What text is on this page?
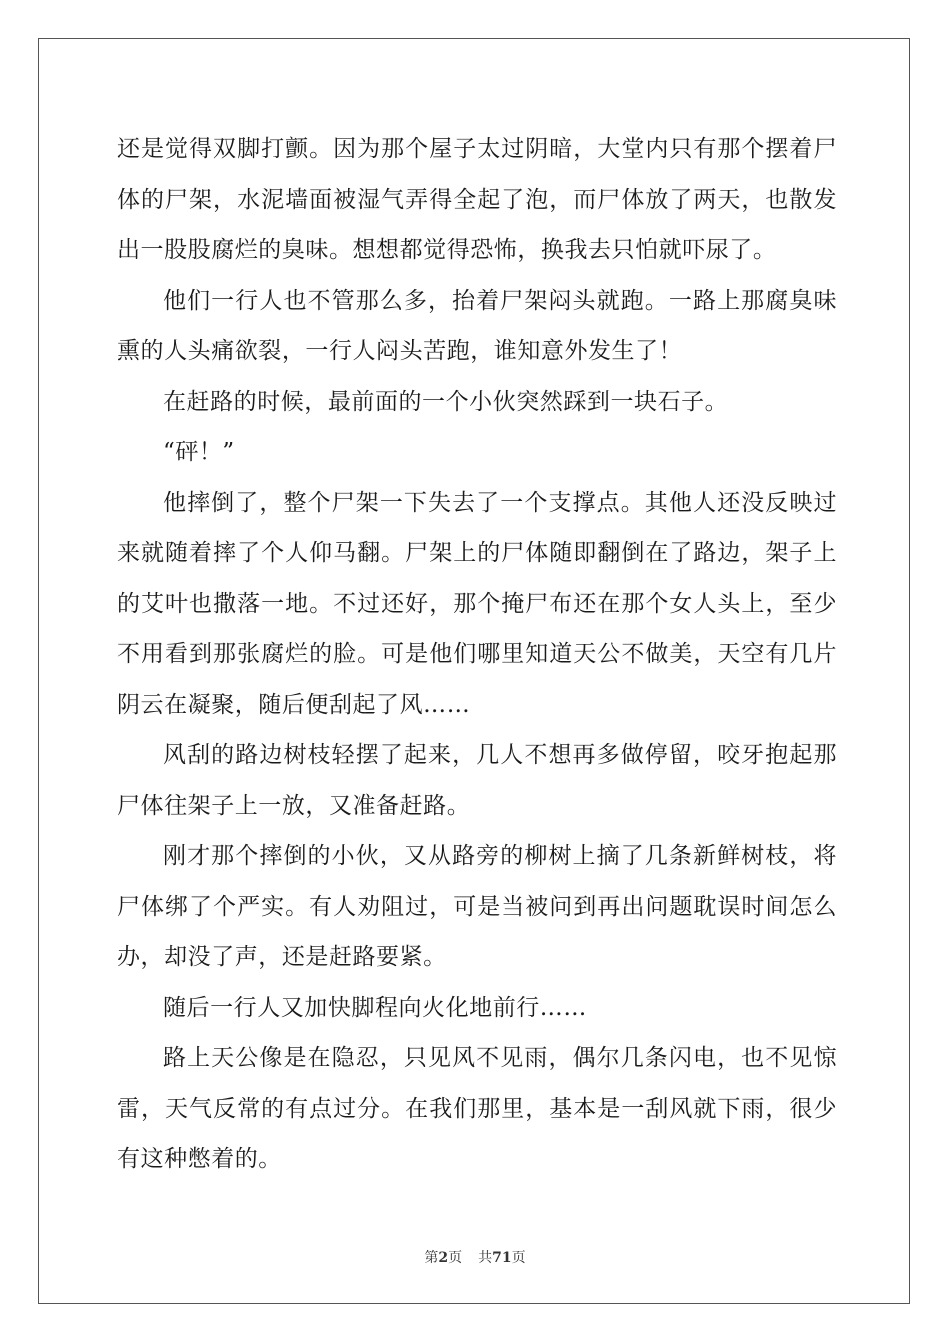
还是觉得双脚打颤。因为那个屋子太过阴暗，大堂内只有那个摆着尸体的尸架，水泥墙面被湿气弄得全起了泡，而尸体放了两天，也散发出一股股腐烂的臭味。想想都觉得恐怖，换我去只怕就吓尿了。

他们一行人也不管那么多，抬着尸架闷头就跑。一路上那腐臭味熏的人头痛欲裂，一行人闷头苦跑，谁知意外发生了！

在赶路的时候，最前面的一个小伙突然踩到一块石子。

“砰！”

他摔倒了，整个尸架一下失去了一个支撑点。其他人还没反映过来就随着摔了个人仰马翻。尸架上的尸体随即翻倒在了路边，架子上的艾叶也撒落一地。不过还好，那个掩尸布还在那个女人头上，至少不用看到那张腐烂的脸。可是他们哪里知道天公不做美，天空有几片阴云在凝聚，随后便刮起了风……

风刮的路边树枝轻摆了起来，几人不想再多做停留，咬牙抱起那尸体往架子上一放，又准备赶路。

刚才那个摔倒的小伙，又从路旁的柳树上摘了几条新鲜树枝，将尸体绑了个严实。有人劝阻过，可是当被问到再出问题耽误时间怎么办，却没了声，还是赶路要紧。

随后一行人又加快脚程向火化地前行……

路上天公像是在隐忍，只见风不见雨，偶尔几条闪电，也不见惊雷，天气反常的有点过分。在我们那里，基本是一刮风就下雨，很少有这种憋着的。

第2页 共71页
